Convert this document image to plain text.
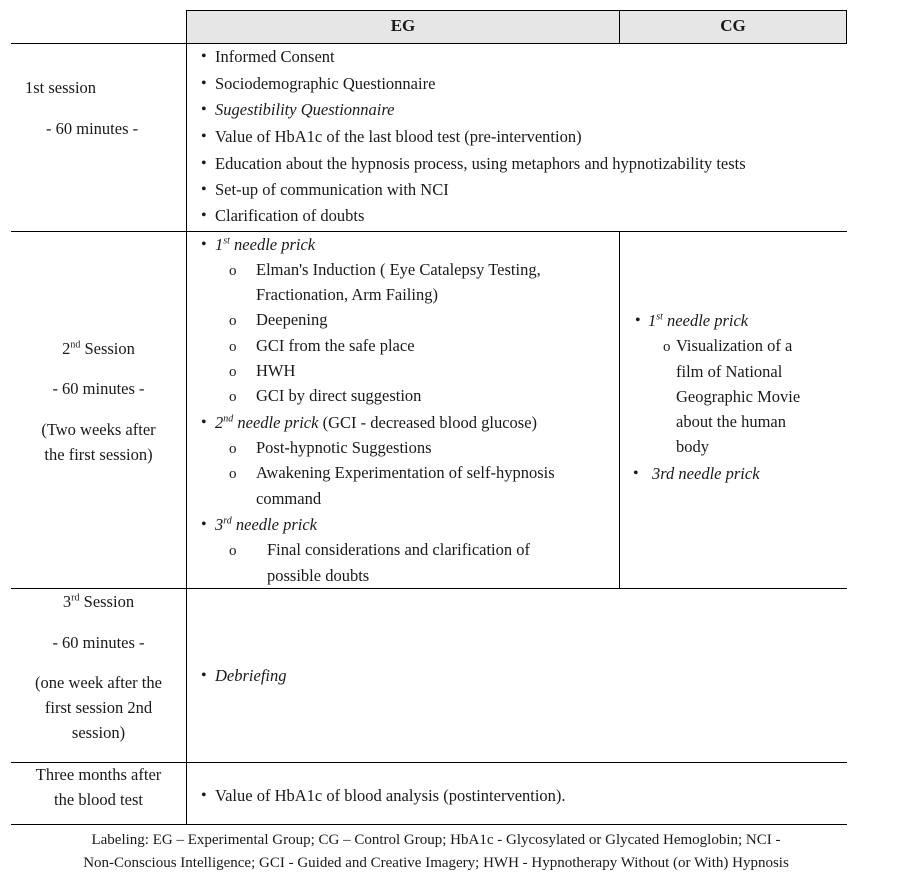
EG	CG
1st session
- 60 minutes -
• Informed Consent
• Sociodemographic Questionnaire
• Sugestibility Questionnaire
• Value of HbA1c of the last blood test (pre-intervention)
• Education about the hypnosis process, using metaphors and hypnotizability tests
• Set-up of communication with NCI
• Clarification of doubts
2nd Session
- 60 minutes -
(Two weeks after
the first session)
• 1st needle prick
o Elman's Induction ( Eye Catalepsy Testing,
Fractionation, Arm Failing)
o Deepening
o GCI from the safe place
o HWH
o GCI by direct suggestion
• 2nd needle prick (GCI - decreased blood glucose)
o Post-hypnotic Suggestions
o Awakening Experimentation of self-hypnosis
command
• 3rd needle prick
o Final considerations and clarification of
possible doubts
• 1st needle prick
o Visualization of a
film of National
Geographic Movie
about the human
body
• 3rd needle prick
3rd Session
- 60 minutes -
(one week after the
first session 2nd
session)
• Debriefing
Three months after
the blood test	• Value of HbA1c of blood analysis (postintervention).
Labeling: EG – Experimental Group; CG – Control Group; HbA1c - Glycosylated or Glycated Hemoglobin; NCI -
Non-Conscious Intelligence; GCI - Guided and Creative Imagery; HWH - Hypnotherapy Without (or With) Hypnosis
